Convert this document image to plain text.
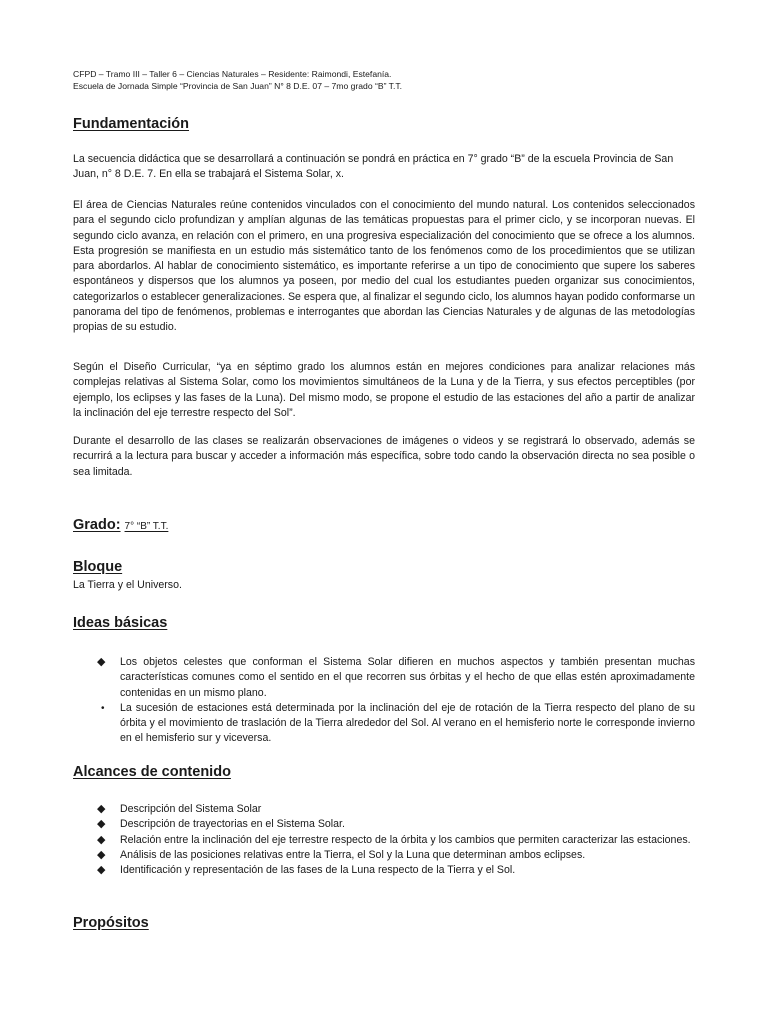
CFPD – Tramo III – Taller 6 – Ciencias Naturales – Residente: Raimondi, Estefanía.
Escuela de Jornada Simple “Provincia de San Juan” N° 8 D.E. 07 – 7mo grado “B” T.T.
Fundamentación
La secuencia didáctica que se desarrollará a continuación se pondrá en práctica en 7° grado “B” de la escuela Provincia de San Juan, n° 8 D.E. 7. En ella se trabajará el Sistema Solar, x.
El área de Ciencias Naturales reúne contenidos vinculados con el conocimiento del mundo natural. Los contenidos seleccionados para el segundo ciclo profundizan y amplían algunas de las temáticas propuestas para el primer ciclo, y se incorporan nuevas. El segundo ciclo avanza, en relación con el primero, en una progresiva especialización del conocimiento que se ofrece a los alumnos. Esta progresión se manifiesta en un estudio más sistemático tanto de los fenómenos como de los procedimientos que se utilizan para abordarlos. Al hablar de conocimiento sistemático, es importante referirse a un tipo de conocimiento que supere los saberes espontáneos y dispersos que los alumnos ya poseen, por medio del cual los estudiantes pueden organizar sus conocimientos, categorizarlos o establecer generalizaciones. Se espera que, al finalizar el segundo ciclo, los alumnos hayan podido conformarse un panorama del tipo de fenómenos, problemas e interrogantes que abordan las Ciencias Naturales y de algunas de las metodologías propias de su estudio.
Según el Diseño Curricular, “ya en séptimo grado los alumnos están en mejores condiciones para analizar relaciones más complejas relativas al Sistema Solar, como los movimientos simultáneos de la Luna y de la Tierra, y sus efectos perceptibles (por ejemplo, los eclipses y las fases de la Luna). Del mismo modo, se propone el estudio de las estaciones del año a partir de analizar la inclinación del eje terrestre respecto del Sol”.
Durante el desarrollo de las clases se realizarán observaciones de imágenes o videos y se registrará lo observado, además se recurrirá a la lectura para buscar y acceder a información más específica, sobre todo cando la observación directa no sea posible o sea limitada.
Grado: 7° “B” T.T.
Bloque
La Tierra y el Universo.
Ideas básicas
◆ Los objetos celestes que conforman el Sistema Solar difieren en muchos aspectos y también presentan muchas características comunes como el sentido en el que recorren sus órbitas y el hecho de que ellas estén aproximadamente contenidas en un mismo plano.
• La sucesión de estaciones está determinada por la inclinación del eje de rotación de la Tierra respecto del plano de su órbita y el movimiento de traslación de la Tierra alrededor del Sol. Al verano en el hemisferio norte le corresponde invierno en el hemisferio sur y viceversa.
Alcances de contenido
◆ Descripción del Sistema Solar
◆ Descripción de trayectorias en el Sistema Solar.
◆ Relación entre la inclinación del eje terrestre respecto de la órbita y los cambios que permiten caracterizar las estaciones.
◆ Análisis de las posiciones relativas entre la Tierra, el Sol y la Luna que determinan ambos eclipses.
◆ Identificación y representación de las fases de la Luna respecto de la Tierra y el Sol.
Propósitos
